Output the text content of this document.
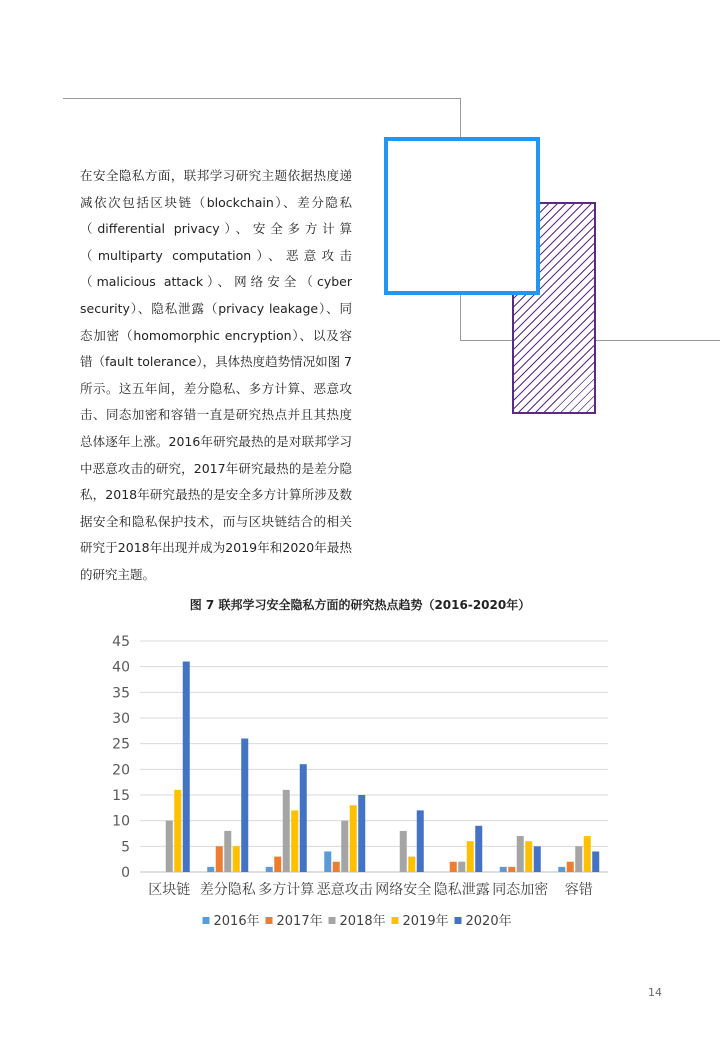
在安全隐私方面，联邦学习研究主题依据热度递减依次包括区块链（blockchain）、差分隐私（differential privacy）、安全多方计算（multiparty computation）、恶意攻击（malicious attack）、网络安全（cyber security）、隐私泄露（privacy leakage）、同态加密（homomorphic encryption）、以及容错（fault tolerance），具体热度趋势情况如图 7 所示。这五年间，差分隐私、多方计算、恶意攻击、同态加密和容错一直是研究热点并且其热度总体逐年上涨。2016年研究最热的是对联邦学习中恶意攻击的研究，2017年研究最热的是差分隐私，2018年研究最热的是安全多方计算所涉及数据安全和隐私保护技术，而与区块链结合的相关研究于2018年出现并成为2019年和2020年最热的研究主题。

图 7 联邦学习安全隐私方面的研究热点趋势（2016-2020年）
0
5
10
15
20
25
30
35
40
45
区块链 差分隐私 多方计算 恶意攻击 网络安全 隐私泄露 同态加密 容错
2016年 2017年 2018年 2019年 2020年
14
